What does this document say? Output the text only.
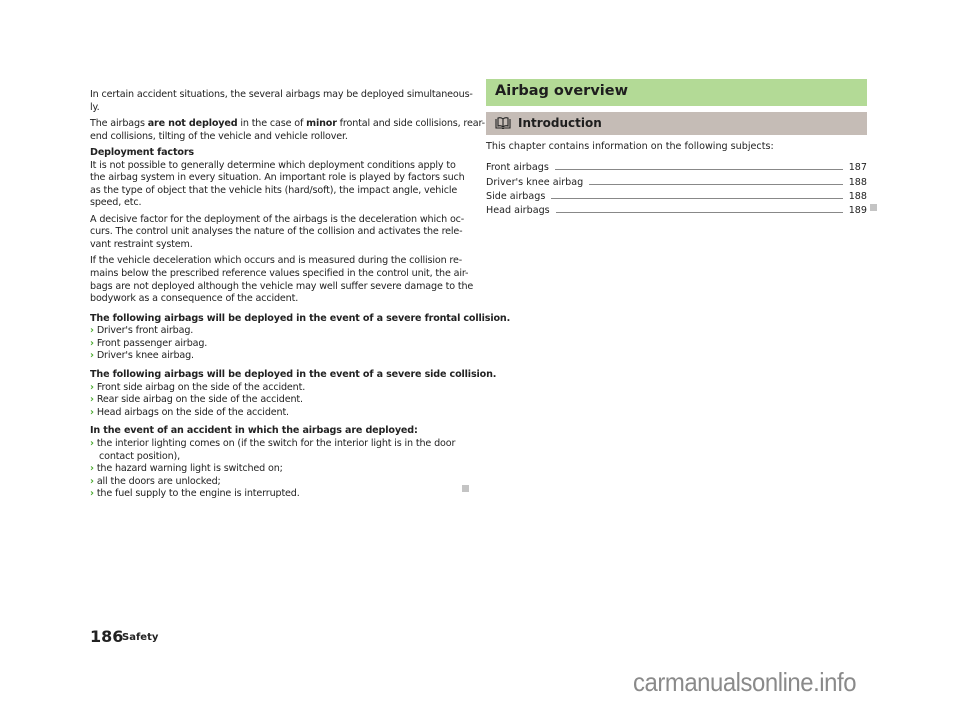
In certain accident situations, the several airbags may be deployed simultaneous-
ly.

The airbags are not deployed in the case of minor frontal and side collisions, rear-
end collisions, tilting of the vehicle and vehicle rollover.

Deployment factors
It is not possible to generally determine which deployment conditions apply to
the airbag system in every situation. An important role is played by factors such
as the type of object that the vehicle hits (hard/soft), the impact angle, vehicle
speed, etc.

A decisive factor for the deployment of the airbags is the deceleration which oc-
curs. The control unit analyses the nature of the collision and activates the rele-
vant restraint system.

If the vehicle deceleration which occurs and is measured during the collision re-
mains below the prescribed reference values specified in the control unit, the air-
bags are not deployed although the vehicle may well suffer severe damage to the
bodywork as a consequence of the accident.

The following airbags will be deployed in the event of a severe frontal collision.
› Driver's front airbag.
› Front passenger airbag.
› Driver's knee airbag.

The following airbags will be deployed in the event of a severe side collision.
› Front side airbag on the side of the accident.
› Rear side airbag on the side of the accident.
› Head airbags on the side of the accident.

In the event of an accident in which the airbags are deployed:
› the interior lighting comes on (if the switch for the interior light is in the door
contact position),
› the hazard warning light is switched on;
› all the doors are unlocked;
› the fuel supply to the engine is interrupted.

Airbag overview
Introduction
This chapter contains information on the following subjects:
Front airbags	187
Driver's knee airbag	188
Side airbags	188
Head airbags	189
186
Safety
carmanualsonline.info
